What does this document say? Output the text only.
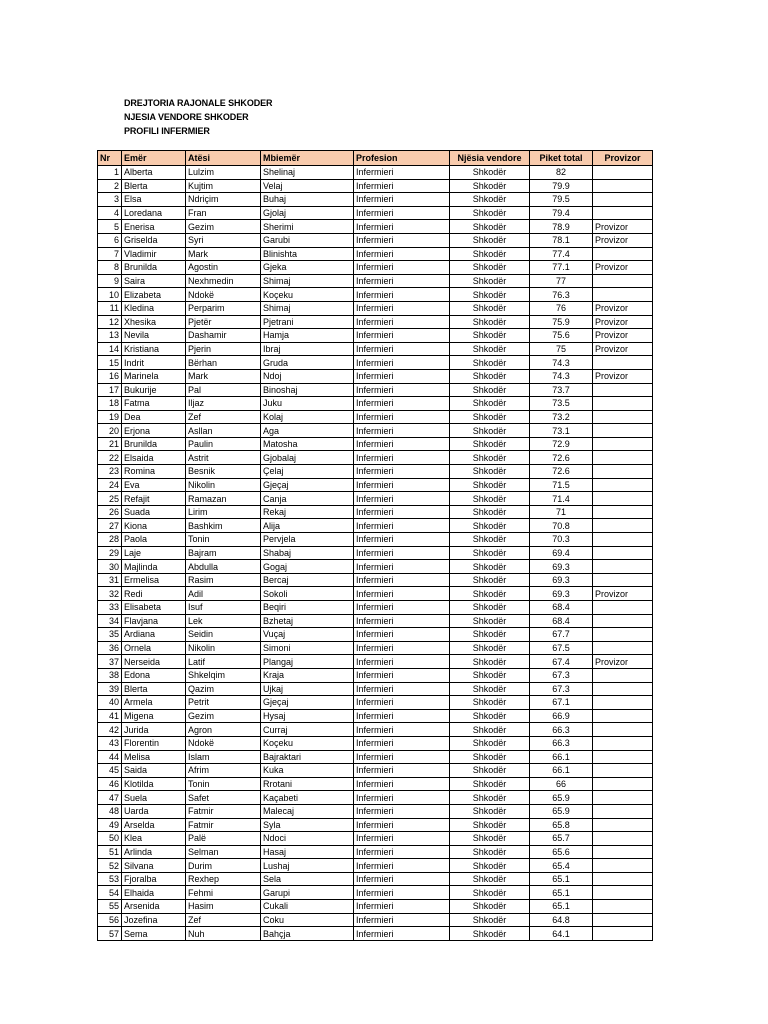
DREJTORIA RAJONALE SHKODER
NJESIA VENDORE SHKODER
PROFILI INFERMIER
Nr	Emër	Atësi	Mbiemër	Profesion	Njësia vendore	Piket total	Provizor
1	Alberta	Lulzim	Shelinaj	Infermieri	Shkodër	82	
2	Blerta	Kujtim	Velaj	Infermieri	Shkodër	79.9	
3	Elsa	Ndriçim	Buhaj	Infermieri	Shkodër	79.5	
4	Loredana	Fran	Gjolaj	Infermieri	Shkodër	79.4	
5	Enerisa	Gezim	Sherimi	Infermieri	Shkodër	78.9	Provizor
6	Griselda	Syri	Garubi	Infermieri	Shkodër	78.1	Provizor
7	Vladimir	Mark	Blinishta	Infermieri	Shkodër	77.4	
8	Brunilda	Agostin	Gjeka	Infermieri	Shkodër	77.1	Provizor
9	Saira	Nexhmedin	Shimaj	Infermieri	Shkodër	77	
10	Elizabeta	Ndokë	Koçeku	Infermieri	Shkodër	76.3	
11	Kledina	Perparim	Shimaj	Infermieri	Shkodër	76	Provizor
12	Xhesika	Pjetër	Pjetrani	Infermieri	Shkodër	75.9	Provizor
13	Nevila	Dashamir	Hamja	Infermieri	Shkodër	75.6	Provizor
14	Kristiana	Pjerin	Ibraj	Infermieri	Shkodër	75	Provizor
15	Indrit	Bërhan	Gruda	Infermieri	Shkodër	74.3	
16	Marinela	Mark	Ndoj	Infermieri	Shkodër	74.3	Provizor
17	Bukurije	Pal	Binoshaj	Infermieri	Shkodër	73.7	
18	Fatma	Iljaz	Juku	Infermieri	Shkodër	73.5	
19	Dea	Zef	Kolaj	Infermieri	Shkodër	73.2	
20	Erjona	Asllan	Aga	Infermieri	Shkodër	73.1	
21	Brunilda	Paulin	Matosha	Infermieri	Shkodër	72.9	
22	Elsaida	Astrit	Gjobalaj	Infermieri	Shkodër	72.6	
23	Romina	Besnik	Çelaj	Infermieri	Shkodër	72.6	
24	Eva	Nikolin	Gjeçaj	Infermieri	Shkodër	71.5	
25	Refajit	Ramazan	Canja	Infermieri	Shkodër	71.4	
26	Suada	Lirim	Rekaj	Infermieri	Shkodër	71	
27	Kiona	Bashkim	Alija	Infermieri	Shkodër	70.8	
28	Paola	Tonin	Pervjela	Infermieri	Shkodër	70.3	
29	Laje	Bajram	Shabaj	Infermieri	Shkodër	69.4	
30	Majlinda	Abdulla	Gogaj	Infermieri	Shkodër	69.3	
31	Ermelisa	Rasim	Bercaj	Infermieri	Shkodër	69.3	
32	Redi	Adil	Sokoli	Infermieri	Shkodër	69.3	Provizor
33	Elisabeta	Isuf	Beqiri	Infermieri	Shkodër	68.4	
34	Flavjana	Lek	Bzhetaj	Infermieri	Shkodër	68.4	
35	Ardiana	Seidin	Vuçaj	Infermieri	Shkodër	67.7	
36	Ornela	Nikolin	Simoni	Infermieri	Shkodër	67.5	
37	Nerseida	Latif	Plangaj	Infermieri	Shkodër	67.4	Provizor
38	Edona	Shkelqim	Kraja	Infermieri	Shkodër	67.3	
39	Blerta	Qazim	Ujkaj	Infermieri	Shkodër	67.3	
40	Armela	Petrit	Gjeçaj	Infermieri	Shkodër	67.1	
41	Migena	Gezim	Hysaj	Infermieri	Shkodër	66.9	
42	Jurida	Agron	Curraj	Infermieri	Shkodër	66.3	
43	Florentin	Ndokë	Koçeku	Infermieri	Shkodër	66.3	
44	Melisa	Islam	Bajraktari	Infermieri	Shkodër	66.1	
45	Saida	Afrim	Kuka	Infermieri	Shkodër	66.1	
46	Klotilda	Tonin	Rrotani	Infermieri	Shkodër	66	
47	Suela	Safet	Kaçabeti	Infermieri	Shkodër	65.9	
48	Uarda	Fatmir	Malecaj	Infermieri	Shkodër	65.9	
49	Arselda	Fatmir	Syla	Infermieri	Shkodër	65.8	
50	Klea	Palë	Ndoci	Infermieri	Shkodër	65.7	
51	Arlinda	Selman	Hasaj	Infermieri	Shkodër	65.6	
52	Silvana	Durim	Lushaj	Infermieri	Shkodër	65.4	
53	Fjoralba	Rexhep	Sela	Infermieri	Shkodër	65.1	
54	Elhaida	Fehmi	Garupi	Infermieri	Shkodër	65.1	
55	Arsenida	Hasim	Cukali	Infermieri	Shkodër	65.1	
56	Jozefina	Zef	Coku	Infermieri	Shkodër	64.8	
57	Sema	Nuh	Bahçja	Infermieri	Shkodër	64.1	
